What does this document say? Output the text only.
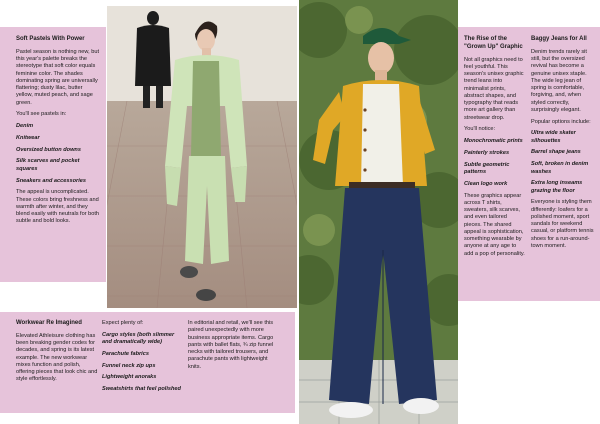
Soft Pastels With Power

Pastel season is nothing new, but this year's palette breaks the stereotype that soft color equals feminine color. The shades dominating spring are universally flattering; dusty lilac, butter yellow, muted peach, and sage green.

You'll see pastels in:

Denim

Knitwear

Oversized button downs

Silk scarves and pocket squares

Sneakers and accessories

The appeal is uncomplicated. These colors bring freshness and warmth after winter, and they blend easily with neutrals for both subtle and bold looks.

Workwear Re Imagined

Elevated Athleisure clothing has been breaking gender codes for decades, and spring is its latest example. The new workwear mixes function and polish, offering pieces that look chic and style effortlessly.

Expect plenty of:

Cargo styles (both slimmer and dramatically wide)

Parachute fabrics

Funnel neck zip ups

Lightweight anoraks

Sweatshirts that feel polished

In editorial and retail, we'll see this paired unexpectedly with more business appropriate items. Cargo pants with ballet flats, ¾ zip funnel necks with tailored trousers, and parachute pants with lightweight knits.

The Rise of the "Grown Up" Graphic

Not all graphics need to feel youthful. This season's unisex graphic trend leans into minimalist prints, abstract shapes, and typography that reads more art gallery than streetwear drop.

You'll notice:

Monochromatic prints

Painterly strokes

Subtle geometric patterns

Clean logo work

These graphics appear across T shirts, sweaters, silk scarves, and even tailored pieces. The shared appeal is sophistication, something wearable by anyone at any age to add a pop of personality.

Baggy Jeans for All

Denim trends rarely sit still, but the oversized revival has become a genuine unisex staple. The wide leg jean of spring is comfortable, forgiving, and, when styled correctly, surprisingly elegant.

Popular options include:

Ultra wide skater silhouettes

Barrel shape jeans

Soft, broken in denim washes

Extra long inseams grazing the floor

Everyone is styling them differently: loafers for a polished moment, sport sandals for weekend casual, or platform tennis shoes for a run-around-town moment.
